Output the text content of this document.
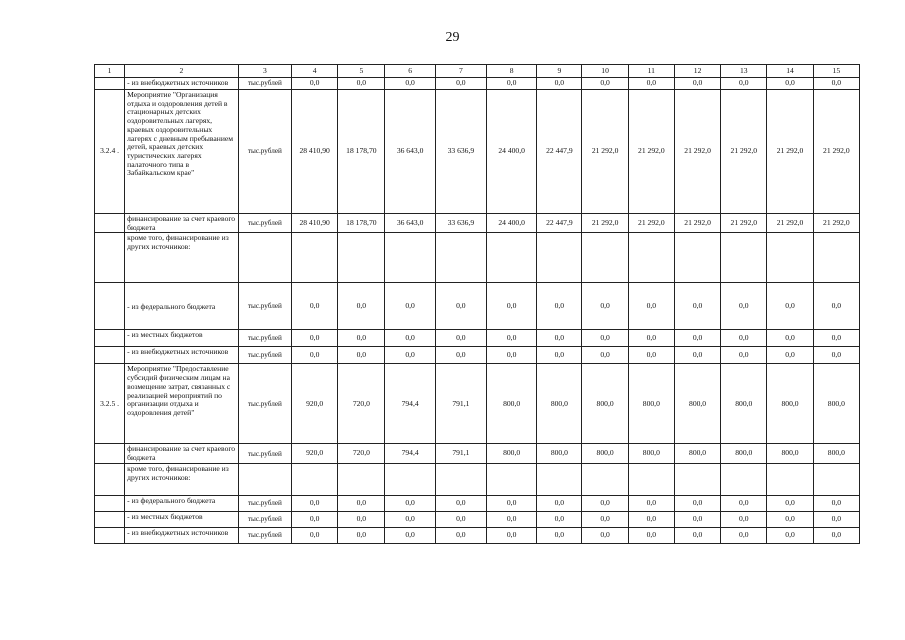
29
1	2	3	4	5	6	7	8	9	10	11	12	13	14	15
	- из внебюджетных источников	тыс.рублей	0,0	0,0	0,0	0,0	0,0	0,0	0,0	0,0	0,0	0,0	0,0	0,0
3.2.4 .	Мероприятие "Организация отдыха и оздоровления детей в стационарных детских оздоровительных лагерях, краевых оздоровительных лагерях с дневным пребыванием детей, краевых детских туристических лагерях палаточного типа в Забайкальском крае"	тыс.рублей	28 410,90	18 178,70	36 643,0	33 636,9	24 400,0	22 447,9	21 292,0	21 292,0	21 292,0	21 292,0	21 292,0	21 292,0
	финансирование за счет краевого бюджета	тыс.рублей	28 410,90	18 178,70	36 643,0	33 636,9	24 400,0	22 447,9	21 292,0	21 292,0	21 292,0	21 292,0	21 292,0	21 292,0
	кроме того, финансирование из других источников:													
	- из федерального бюджета	тыс.рублей	0,0	0,0	0,0	0,0	0,0	0,0	0,0	0,0	0,0	0,0	0,0	0,0
	- из местных бюджетов	тыс.рублей	0,0	0,0	0,0	0,0	0,0	0,0	0,0	0,0	0,0	0,0	0,0	0,0
	- из внебюджетных источников	тыс.рублей	0,0	0,0	0,0	0,0	0,0	0,0	0,0	0,0	0,0	0,0	0,0	0,0
3.2.5 .	Мероприятие "Предоставление субсидий физическим лицам на возмещение затрат, связанных с реализацией мероприятий по организации отдыха и оздоровления детей"	тыс.рублей	920,0	720,0	794,4	791,1	800,0	800,0	800,0	800,0	800,0	800,0	800,0	800,0
	финансирование за счет краевого бюджета	тыс.рублей	920,0	720,0	794,4	791,1	800,0	800,0	800,0	800,0	800,0	800,0	800,0	800,0
	кроме того, финансирование из других источников:													
	- из федерального бюджета	тыс.рублей	0,0	0,0	0,0	0,0	0,0	0,0	0,0	0,0	0,0	0,0	0,0	0,0
	- из местных бюджетов	тыс.рублей	0,0	0,0	0,0	0,0	0,0	0,0	0,0	0,0	0,0	0,0	0,0	0,0
	- из внебюджетных источников	тыс.рублей	0,0	0,0	0,0	0,0	0,0	0,0	0,0	0,0	0,0	0,0	0,0	0,0
